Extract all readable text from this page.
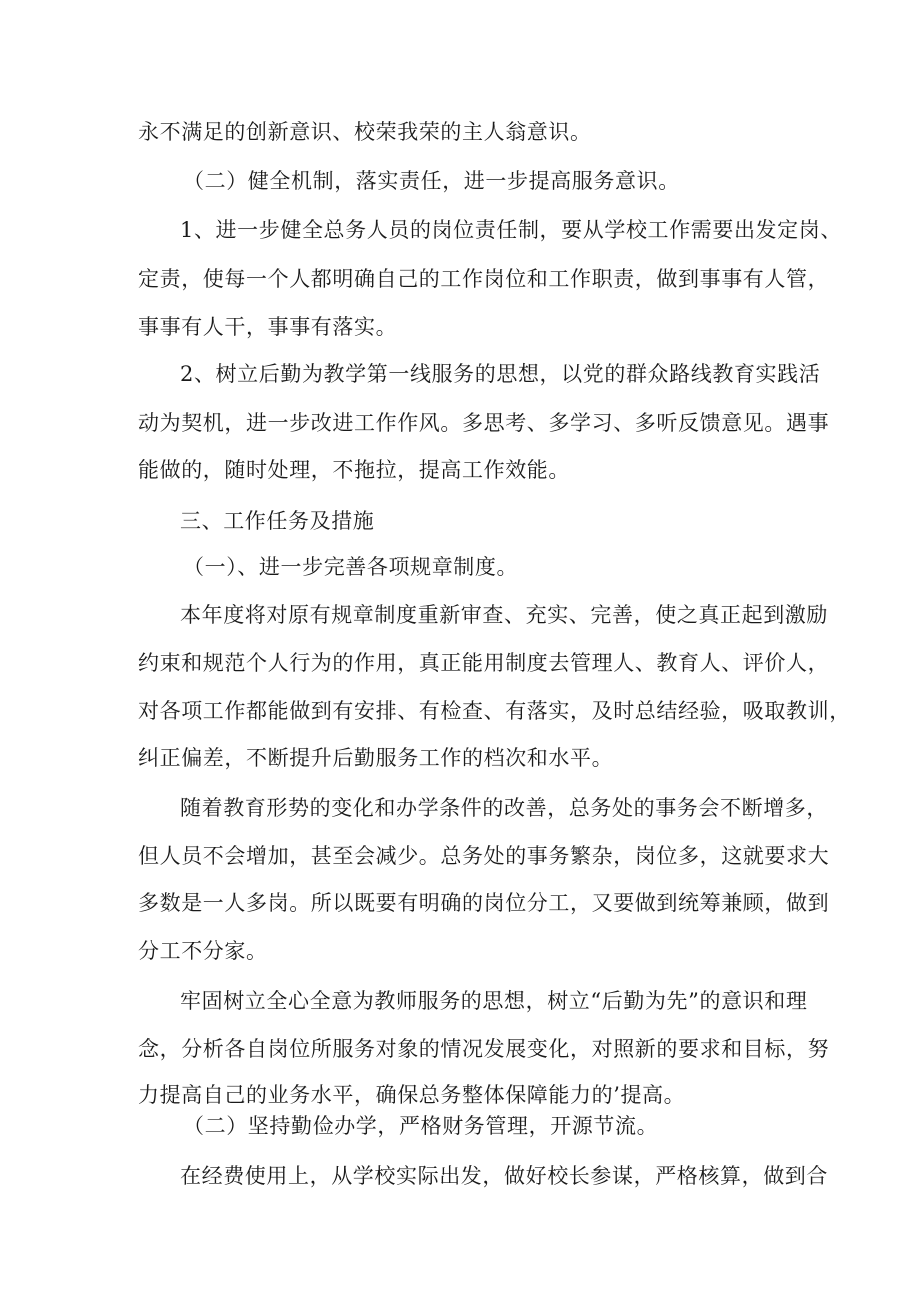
永不满足的创新意识、校荣我荣的主人翁意识。
（二）健全机制，落实责任，进一步提高服务意识。
1、进一步健全总务人员的岗位责任制，要从学校工作需要出发定岗、
定责，使每一个人都明确自己的工作岗位和工作职责，做到事事有人管，
事事有人干，事事有落实。
2、树立后勤为教学第一线服务的思想，以党的群众路线教育实践活
动为契机，进一步改进工作作风。多思考、多学习、多听反馈意见。遇事
能做的，随时处理，不拖拉，提高工作效能。
三、工作任务及措施
（一）、进一步完善各项规章制度。
本年度将对原有规章制度重新审查、充实、完善，使之真正起到激励
约束和规范个人行为的作用，真正能用制度去管理人、教育人、评价人，
对各项工作都能做到有安排、有检查、有落实，及时总结经验，吸取教训，
纠正偏差，不断提升后勤服务工作的档次和水平。
随着教育形势的变化和办学条件的改善，总务处的事务会不断增多，
但人员不会增加，甚至会减少。总务处的事务繁杂，岗位多，这就要求大
多数是一人多岗。所以既要有明确的岗位分工，又要做到统筹兼顾，做到
分工不分家。
牢固树立全心全意为教师服务的思想，树立“后勤为先”的意识和理
念，分析各自岗位所服务对象的情况发展变化，对照新的要求和目标，努
力提高自己的业务水平，确保总务整体保障能力的’提高。
（二）坚持勤俭办学，严格财务管理，开源节流。
在经费使用上，从学校实际出发，做好校长参谋，严格核算，做到合
